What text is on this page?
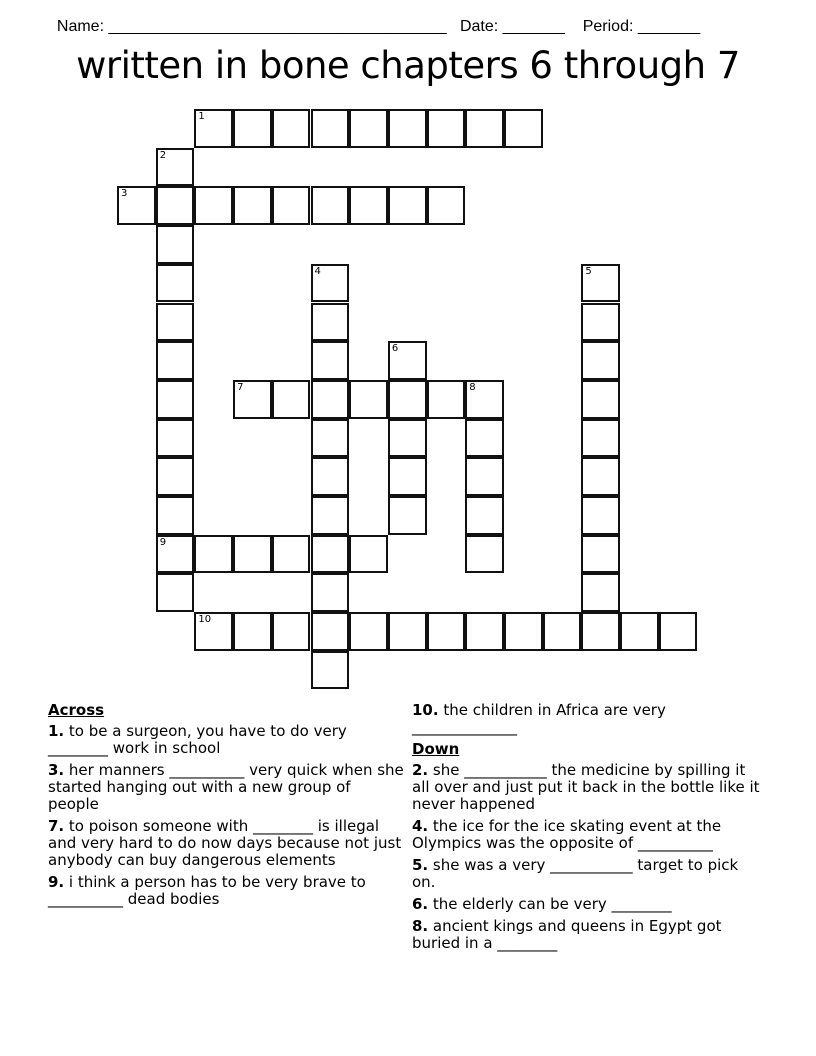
Name: ______________________________________ Date: _______ Period: _______

written in bone chapters 6 through 7
1
2
9
3
4	5
6
7	8
10
Across
1. to be a surgeon, you have to do very ________ work in school
3. her manners __________ very quick when she started hanging out with a new group of people
7. to poison someone with ________ is illegal and very hard to do now days because not just anybody can buy dangerous elements
9. i think a person has to be very brave to __________ dead bodies
10. the children in Africa are very ______________
Down
2. she ___________ the medicine by spilling it all over and just put it back in the bottle like it never happened
4. the ice for the ice skating event at the Olympics was the opposite of __________
5. she was a very ___________ target to pick on.
6. the elderly can be very ________
8. ancient kings and queens in Egypt got buried in a ________
